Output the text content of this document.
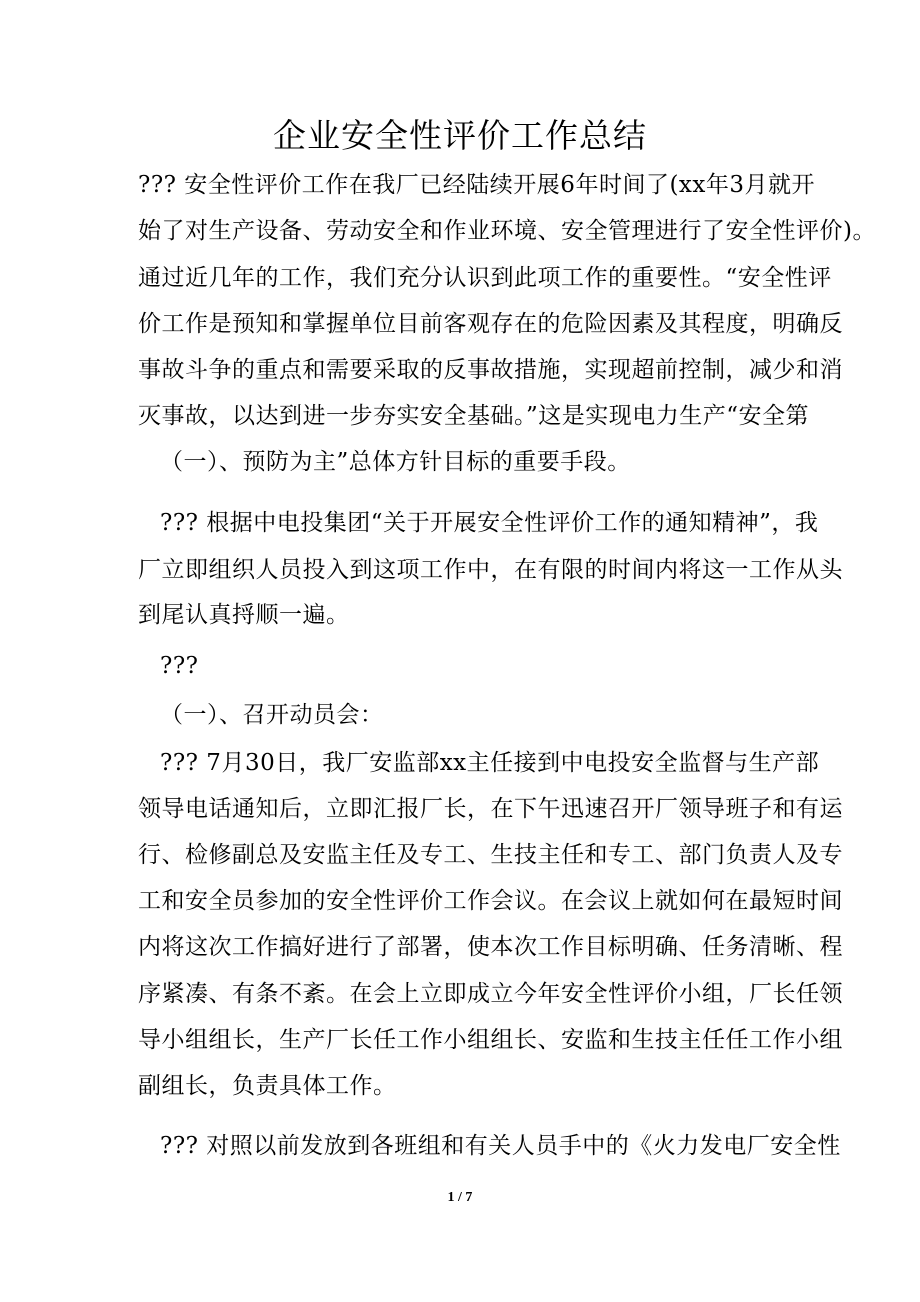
企业安全性评价工作总结
??? 安全性评价工作在我厂已经陆续开展6年时间了(xx年3月就开
始了对生产设备、劳动安全和作业环境、安全管理进行了安全性评价)。
通过近几年的工作，我们充分认识到此项工作的重要性。“安全性评
价工作是预知和掌握单位目前客观存在的危险因素及其程度，明确反
事故斗争的重点和需要采取的反事故措施，实现超前控制，减少和消
灭事故，以达到进一步夯实安全基础。”这是实现电力生产“安全第
（一）、预防为主”总体方针目标的重要手段。
??? 根据中电投集团“关于开展安全性评价工作的通知精神”，我
厂立即组织人员投入到这项工作中，在有限的时间内将这一工作从头
到尾认真捋顺一遍。
???
（一）、召开动员会：
??? 7月30日，我厂安监部xx主任接到中电投安全监督与生产部
领导电话通知后，立即汇报厂长，在下午迅速召开厂领导班子和有运
行、检修副总及安监主任及专工、生技主任和专工、部门负责人及专
工和安全员参加的安全性评价工作会议。在会议上就如何在最短时间
内将这次工作搞好进行了部署，使本次工作目标明确、任务清晰、程
序紧凑、有条不紊。在会上立即成立今年安全性评价小组，厂长任领
导小组组长，生产厂长任工作小组组长、安监和生技主任任工作小组
副组长，负责具体工作。
??? 对照以前发放到各班组和有关人员手中的《火力发电厂安全性
1 / 7
